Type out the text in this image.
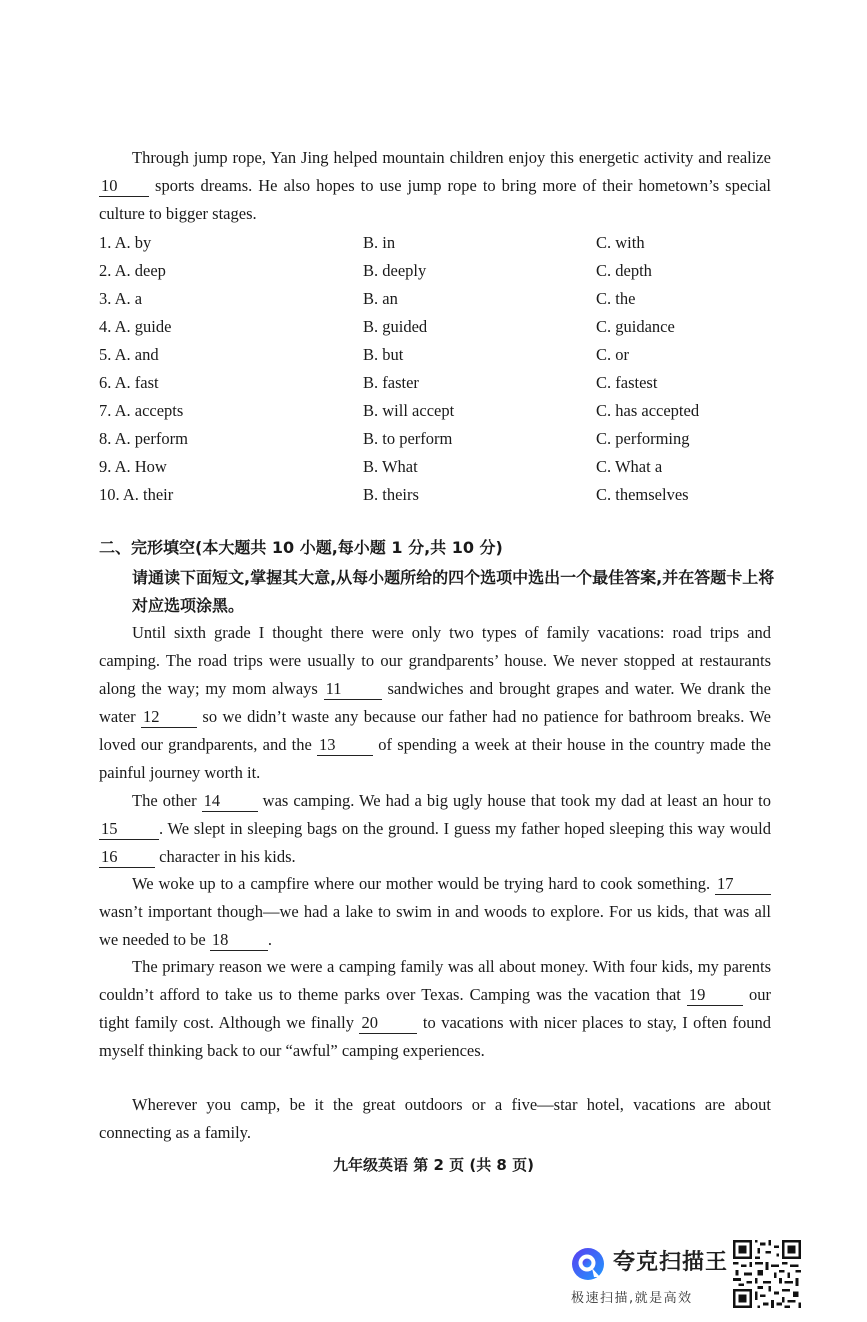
Through jump rope, Yan Jing helped mountain children enjoy this energetic activity and realize 10 sports dreams. He also hopes to use jump rope to bring more of their hometown’s special culture to bigger stages.
1. A. by	B. in	C. with
2. A. deep	B. deeply	C. depth
3. A. a	B. an	C. the
4. A. guide	B. guided	C. guidance
5. A. and	B. but	C. or
6. A. fast	B. faster	C. fastest
7. A. accepts	B. will accept	C. has accepted
8. A. perform	B. to perform	C. performing
9. A. How	B. What	C. What a
10. A. their	B. theirs	C. themselves
二、完形填空(本大题共 10 小题,每小题 1 分,共 10 分)
请通读下面短文,掌握其大意,从每小题所给的四个选项中选出一个最佳答案,并在答题卡上将对应选项涂黑。
Until sixth grade I thought there were only two types of family vacations: road trips and camping. The road trips were usually to our grandparents’ house. We never stopped at restaurants along the way; my mom always 11 sandwiches and brought grapes and water. We drank the water 12 so we didn’t waste any because our father had no patience for bathroom breaks. We loved our grandparents, and the 13 of spending a week at their house in the country made the painful journey worth it.
The other 14 was camping. We had a big ugly house that took my dad at least an hour to 15	. We slept in sleeping bags on the ground. I guess my father hoped sleeping this way would 16 character in his kids.
We woke up to a campfire where our mother would be trying hard to cook something. 17 wasn’t important though—we had a lake to swim in and woods to explore. For us kids, that was all we needed to be 18 .
The primary reason we were a camping family was all about money. With four kids, my parents couldn’t afford to take us to theme parks over Texas. Camping was the vacation that 19 our tight family cost. Although we finally 20 to vacations with nicer places to stay, I often found myself thinking back to our “awful” camping experiences.
Wherever you camp, be it the great outdoors or a five—star hotel, vacations are about connecting as a family.
九年级英语 第 2 页 (共 8 页)
夸克扫描王
极速扫描,就是高效
